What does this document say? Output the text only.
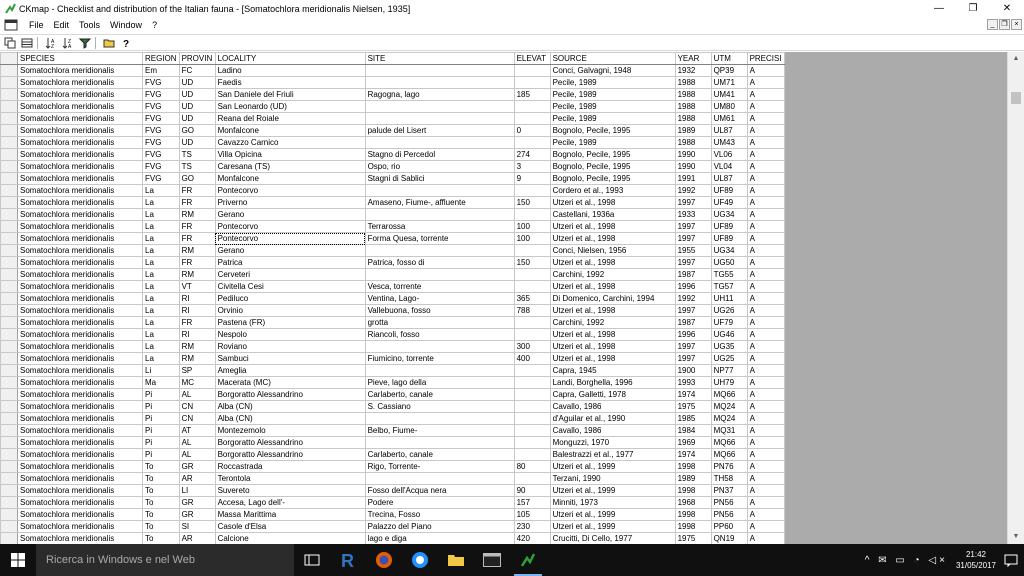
CKmap - Checklist and distribution of the Italian fauna - [Somatochlora meridionalis Nielsen, 1935]	—	❐	✕
File	Edit	Tools	Window	?	_ ❐ ×
A
Z
Z
A	?
	SPECIES	REGION	PROVIN	LOCALITY	SITE	ELEVAT	SOURCE	YEAR	UTM	PRECISI
	Somatochlora meridionalis	Em	FC	Ladino			Conci, Galvagni, 1948	1932	QP39	A
	Somatochlora meridionalis	FVG	UD	Faedis			Pecile, 1989	1988	UM71	A
	Somatochlora meridionalis	FVG	UD	San Daniele del Friuli	Ragogna, lago	185	Pecile, 1989	1988	UM41	A
	Somatochlora meridionalis	FVG	UD	San Leonardo (UD)			Pecile, 1989	1988	UM80	A
	Somatochlora meridionalis	FVG	UD	Reana del Roiale			Pecile, 1989	1988	UM61	A
	Somatochlora meridionalis	FVG	GO	Monfalcone	palude del Lisert	0	Bognolo, Pecile, 1995	1989	UL87	A
	Somatochlora meridionalis	FVG	UD	Cavazzo Carnico			Pecile, 1989	1988	UM43	A
	Somatochlora meridionalis	FVG	TS	Villa Opicina	Stagno di Percedol	274	Bognolo, Pecile, 1995	1990	VL06	A
	Somatochlora meridionalis	FVG	TS	Caresana (TS)	Ospo, rio	3	Bognolo, Pecile, 1995	1990	VL04	A
	Somatochlora meridionalis	FVG	GO	Monfalcone	Stagni di Sablici	9	Bognolo, Pecile, 1995	1991	UL87	A
	Somatochlora meridionalis	La	FR	Pontecorvo			Cordero et al., 1993	1992	UF89	A
	Somatochlora meridionalis	La	FR	Priverno	Amaseno, Fiume-, affluente	150	Utzeri et al., 1998	1997	UF49	A
	Somatochlora meridionalis	La	RM	Gerano			Castellani, 1936a	1933	UG34	A
	Somatochlora meridionalis	La	FR	Pontecorvo	Terrarossa	100	Utzeri et al., 1998	1997	UF89	A
	Somatochlora meridionalis	La	FR	Pontecorvo	Forma Quesa, torrente	100	Utzeri et al., 1998	1997	UF89	A
	Somatochlora meridionalis	La	RM	Gerano			Conci, Nielsen, 1956	1955	UG34	A
	Somatochlora meridionalis	La	FR	Patrica	Patrica, fosso di	150	Utzeri et al., 1998	1997	UG50	A
	Somatochlora meridionalis	La	RM	Cerveteri			Carchini, 1992	1987	TG55	A
	Somatochlora meridionalis	La	VT	Civitella Cesi	Vesca, torrente		Utzeri et al., 1998	1996	TG57	A
	Somatochlora meridionalis	La	RI	Pediluco	Ventina, Lago-	365	Di Domenico, Carchini, 1994	1992	UH11	A
	Somatochlora meridionalis	La	RI	Orvinio	Vallebuona, fosso	788	Utzeri et al., 1998	1997	UG26	A
	Somatochlora meridionalis	La	FR	Pastena (FR)	grotta		Carchini, 1992	1987	UF79	A
	Somatochlora meridionalis	La	RI	Nespolo	Riancoli, fosso		Utzeri et al., 1998	1996	UG46	A
	Somatochlora meridionalis	La	RM	Roviano		300	Utzeri et al., 1998	1997	UG35	A
	Somatochlora meridionalis	La	RM	Sambuci	Fiumicino, torrente	400	Utzeri et al., 1998	1997	UG25	A
	Somatochlora meridionalis	Li	SP	Ameglia			Capra, 1945	1900	NP77	A
	Somatochlora meridionalis	Ma	MC	Macerata (MC)	Pieve, lago della		Landi, Borghella, 1996	1993	UH79	A
	Somatochlora meridionalis	Pi	AL	Borgoratto Alessandrino	Carlaberto, canale		Capra, Galletti, 1978	1974	MQ66	A
	Somatochlora meridionalis	Pi	CN	Alba (CN)	S. Cassiano		Cavallo, 1986	1975	MQ24	A
	Somatochlora meridionalis	Pi	CN	Alba (CN)			d'Aguilar et al., 1990	1985	MQ24	A
	Somatochlora meridionalis	Pi	AT	Montezemolo	Belbo, Fiume-		Cavallo, 1986	1984	MQ31	A
	Somatochlora meridionalis	Pi	AL	Borgoratto Alessandrino			Monguzzi, 1970	1969	MQ66	A
	Somatochlora meridionalis	Pi	AL	Borgoratto Alessandrino	Carlaberto, canale		Balestrazzi et al., 1977	1974	MQ66	A
	Somatochlora meridionalis	To	GR	Roccastrada	Rigo, Torrente-	80	Utzeri et al., 1999	1998	PN76	A
	Somatochlora meridionalis	To	AR	Terontola			Terzani, 1990	1989	TH58	A
	Somatochlora meridionalis	To	LI	Suvereto	Fosso dell'Acqua nera	90	Utzeri et al., 1999	1998	PN37	A
	Somatochlora meridionalis	To	GR	Accesa, Lago dell'-	Podere	157	Minnitі, 1973	1968	PN56	A
	Somatochlora meridionalis	To	GR	Massa Marittima	Trecina, Fosso	105	Utzeri et al., 1999	1998	PN56	A
	Somatochlora meridionalis	To	SI	Casole d'Elsa	Palazzo del Piano	230	Utzeri et al., 1999	1998	PP60	A
	Somatochlora meridionalis	To	AR	Calcione	lago e diga	420	Crucitti, Di Cello, 1977	1975	QN19	A
▲
▼
Ricerca in Windows e nel Web	R	^ ✉ ▭ ◔ ◁×	21:42
31/05/2017
